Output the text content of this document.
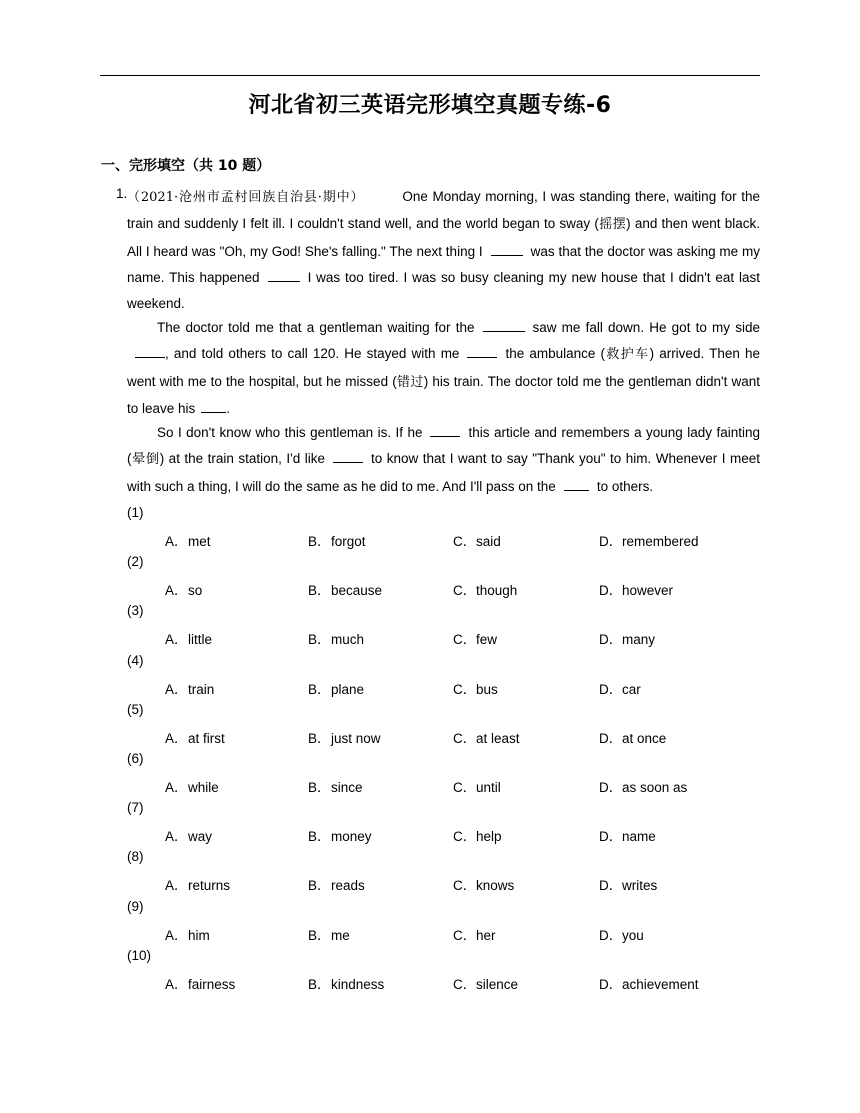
河北省初三英语完形填空真题专练-6
一、完形填空（共 10 题）
1. （2021·沧州市孟村回族自治县·期中）	One Monday morning, I was standing there, waiting for the train and suddenly I felt ill. I couldn't stand well, and the world began to sway (摇摆) and then went black. All I heard was "Oh, my God! She's falling." The next thing I	was that the doctor was asking me my name. This happened	I was too tired. I was so busy cleaning my new house that I didn't eat last weekend.

The doctor told me that a gentleman waiting for the	saw me fall down. He got to my side, and told others to call 120. He stayed with me	the ambulance (救护车) arrived. Then he went with me to the hospital, but he missed (错过) his train. The doctor told me the gentleman didn't want to leave his .

So I don't know who this gentleman is. If he	this article and remembers a young lady fainting (晕倒) at the train station, I'd like	to know that I want to say "Thank you" to him. Whenever I meet with such a thing, I will do the same as he did to me. And I'll pass on the	to others.

(1)
A．met	B．forgot	C．said	D．remembered
(2)
A．so	B．because	C．though	D．however
(3)
A．little	B．much	C．few	D．many
(4)
A．train	B．plane	C．bus	D．car
(5)
A．at first	B．just now	C．at least	D．at once
(6)
A．while	B．since	C．until	D．as soon as
(7)
A．way	B．money	C．help	D．name
(8)
A．returns	B．reads	C．knows	D．writes
(9)
A．him	B．me	C．her	D．you
(10)
A．fairness	B．kindness	C．silence	D．achievement
